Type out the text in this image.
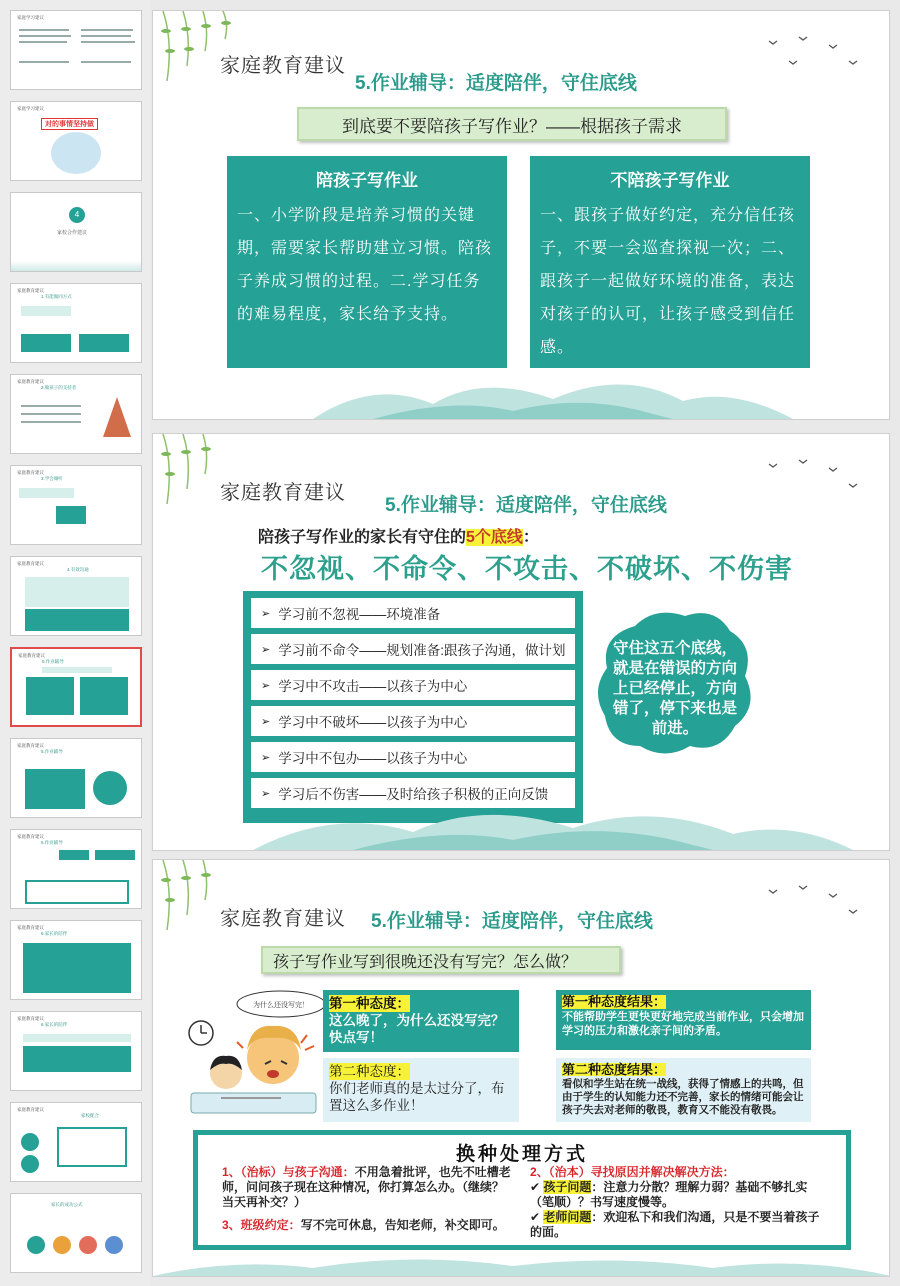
家庭学习建议
家庭学习建议
对的事情坚持做
4
家校合作建议
家庭教育建议
1.有能做同方式
家庭教育建议
2.做孩子的支持者
家庭教育建议
3.学会倾听
家庭教育建议
4.有效沟通
家庭教育建议
5.作业辅导
家庭教育建议
5.作业辅导
家庭教育建议
5.作业辅导
家庭教育建议
6.家长的陪伴
家庭教育建议
6.家长的陪伴
家庭教育建议
家校配合
家长的成功公式
家庭教育建议
5.作业辅导：适度陪伴，守住底线
到底要不要陪孩子写作业？——根据孩子需求
陪孩子写作业

一、小学阶段是培养习惯的关键期，需要家长帮助建立习惯。陪孩子养成习惯的过程。二.学习任务的难易程度，家长给予支持。

不陪孩子写作业

一、跟孩子做好约定，充分信任孩子，不要一会巡查探视一次；二、跟孩子一起做好环境的准备，表达对孩子的认可，让孩子感受到信任感。

家庭教育建议
5.作业辅导：适度陪伴，守住底线
陪孩子写作业的家长有守住的5个底线：
不忽视、不命令、不攻击、不破坏、不伤害
➢ 学习前不忽视——环境准备
➢ 学习前不命令——规划准备:跟孩子沟通，做计划
➢ 学习中不攻击——以孩子为中心
➢ 学习中不破坏——以孩子为中心
➢ 学习中不包办——以孩子为中心
➢ 学习后不伤害——及时给孩子积极的正向反馈
守住这五个底线，就是在错误的方向上已经停止，方向错了，停下来也是前进。
家庭教育建议 5.作业辅导：适度陪伴，守住底线
孩子写作业写到很晚还没有写完？怎么做？
为什么还没写完！	第一种态度：
这么晚了，为什么还没写完？快点写！
第二种态度：
你们老师真的是太过分了，布置这么多作业！
第一种态度结果：
不能帮助学生更快更好地完成当前作业，只会增加学习的压力和激化亲子间的矛盾。
第二种态度结果：
看似和学生站在统一战线，获得了情感上的共鸣，但由于学生的认知能力还不完善，家长的情绪可能会让孩子失去对老师的敬畏，教育又不能没有敬畏。
换种处理方式
1、（治标）与孩子沟通：不用急着批评，也先不吐槽老师，问问孩子现在这种情况，你打算怎么办。（继续？当天再补交？）
3、班级约定：写不完可休息，告知老师，补交即可。
2、（治本）寻找原因并解决解决方法：
✔ 孩子问题：注意力分散？理解力弱？基础不够扎实（笔顺）？书写速度慢等。
✔ 老师问题：欢迎私下和我们沟通，只是不要当着孩子的面。
